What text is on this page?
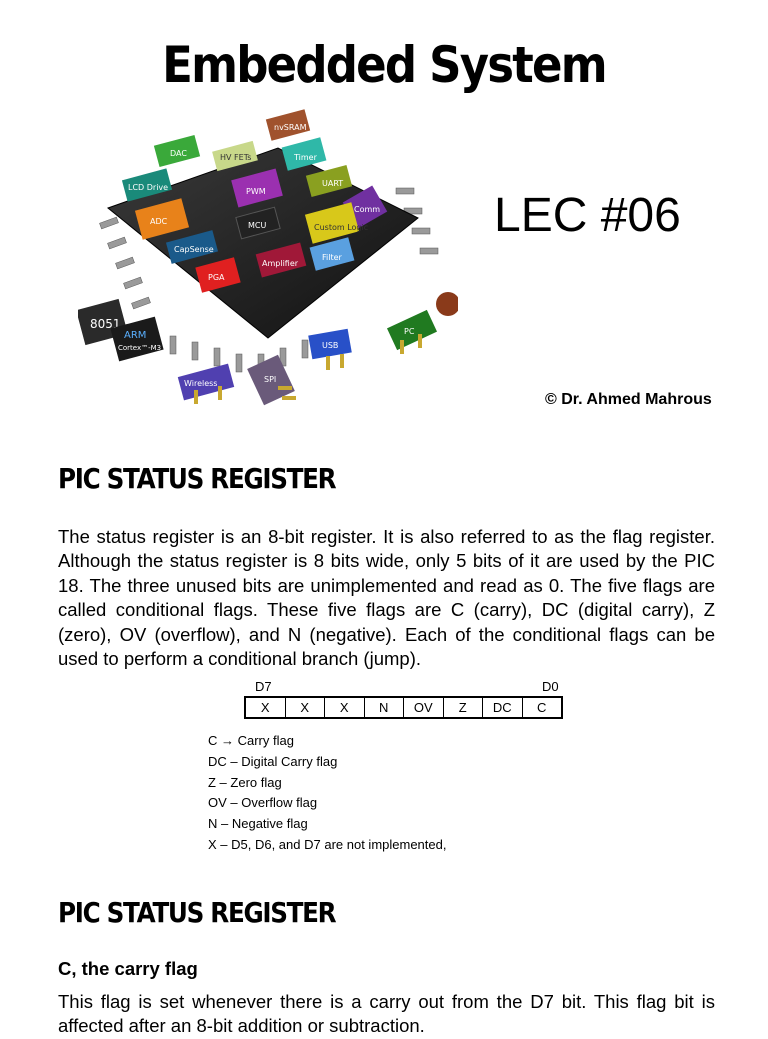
Embedded System
DAC
nvSRAM
HV FETs	Timer
LCD Drive	PWM
UART
ADC	MCU
Comm
Custom Logic
CapSense
PGA
Amplifier
Filter
USB
PC
SPI
Wireless
8051
ARM
Cortex™-M3
IB
LEC #06
© Dr. Ahmed Mahrous
PIC STATUS REGISTER

The status register is an 8-bit register. It is also referred to as the flag register. Although the status register is 8 bits wide, only 5 bits of it are used by the PIC 18. The three unused bits are unimplemented and read as 0. The five flags are called conditional flags. These five flags are C (carry), DC (digital carry), Z (zero), OV (overflow), and N (negative). Each of the conditional flags can be used to perform a conditional branch (jump).

D7	D0
X	X	X	N	OV	Z	DC	C
C → Carry flag
DC – Digital Carry flag
Z – Zero flag
OV – Overflow flag
N – Negative flag
X – D5, D6, and D7 are not implemented,
PIC STATUS REGISTER
C, the carry flag

This flag is set whenever there is a carry out from the D7 bit. This flag bit is affected after an 8-bit addition or subtraction.
